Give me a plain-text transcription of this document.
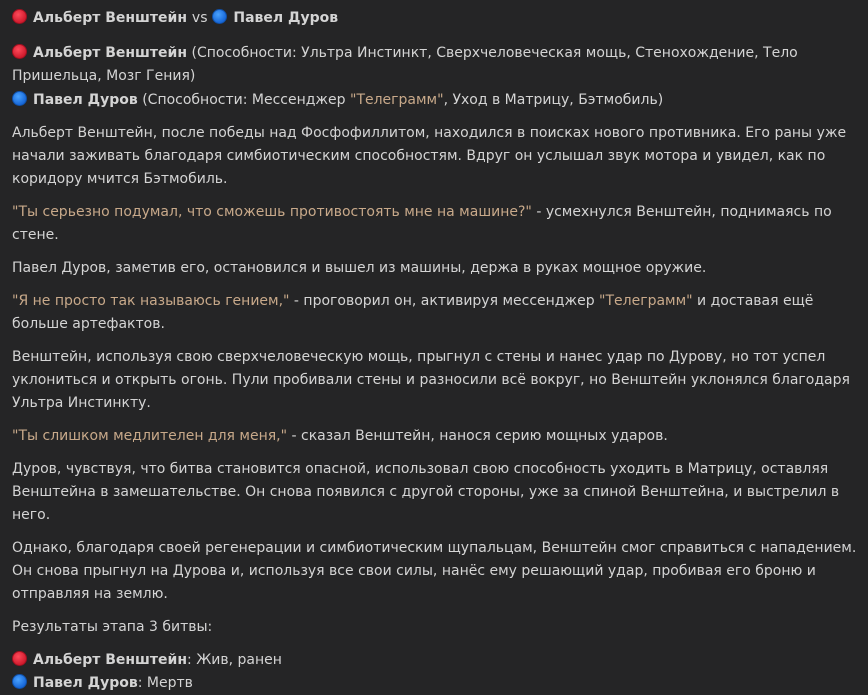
Альберт Венштейн vs Павел Дуров

Альберт Венштейн (Способности: Ультра Инстинкт, Сверхчеловеческая мощь, Стенохождение, Тело Пришельца, Мозг Гения)

Павел Дуров (Способности: Мессенджер "Телеграмм", Уход в Матрицу, Бэтмобиль)

Альберт Венштейн, после победы над Фосфофиллитом, находился в поисках нового противника. Его раны уже начали заживать благодаря симбиотическим способностям. Вдруг он услышал звук мотора и увидел, как по коридору мчится Бэтмобиль.

"Ты серьезно подумал, что сможешь противостоять мне на машине?" - усмехнулся Венштейн, поднимаясь по стене.

Павел Дуров, заметив его, остановился и вышел из машины, держа в руках мощное оружие.

"Я не просто так называюсь гением," - проговорил он, активируя мессенджер "Телеграмм" и доставая ещё больше артефактов.

Венштейн, используя свою сверхчеловеческую мощь, прыгнул с стены и нанес удар по Дурову, но тот успел уклониться и открыть огонь. Пули пробивали стены и разносили всё вокруг, но Венштейн уклонялся благодаря Ультра Инстинкту.

"Ты слишком медлителен для меня," - сказал Венштейн, нанося серию мощных ударов.

Дуров, чувствуя, что битва становится опасной, использовал свою способность уходить в Матрицу, оставляя Венштейна в замешательстве. Он снова появился с другой стороны, уже за спиной Венштейна, и выстрелил в него.

Однако, благодаря своей регенерации и симбиотическим щупальцам, Венштейн смог справиться с нападением. Он снова прыгнул на Дурова и, используя все свои силы, нанёс ему решающий удар, пробивая его броню и отправляя на землю.

Результаты этапа 3 битвы:

Альберт Венштейн: Жив, ранен

Павел Дуров: Мертв
